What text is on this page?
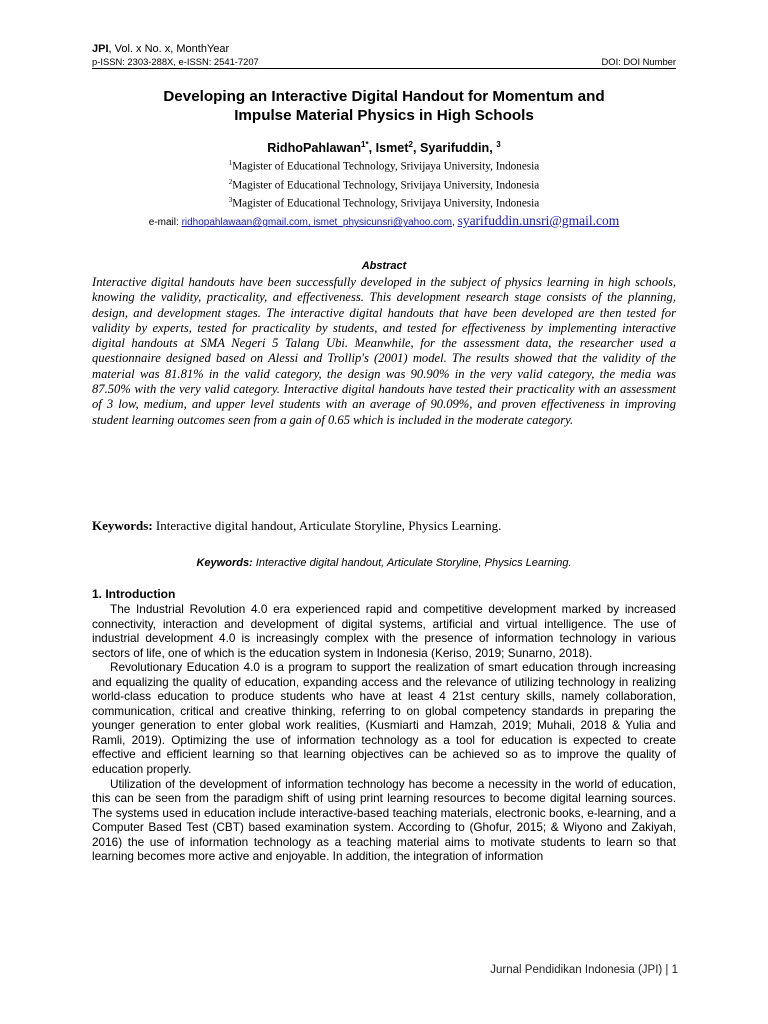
JPI, Vol. x No. x, MonthYear
p-ISSN: 2303-288X, e-ISSN: 2541-7207	DOI: DOI Number
Developing an Interactive Digital Handout for Momentum and
Impulse Material Physics in High Schools
RidhoPahlawan$^{1*}$, Ismet$^2$, Syarifuddin, $^3$
$^1$Magister of Educational Technology, Srivijaya University, Indonesia
$^2$Magister of Educational Technology, Srivijaya University, Indonesia
$^3$Magister of Educational Technology, Srivijaya University, Indonesia
e-mail: ridhopahlawaan@gmail.com, ismet_physicunsri@yahoo.com, syarifuddin.unsri@gmail.com
Abstract
Interactive digital handouts have been successfully developed in the subject of physics learning in high schools, knowing the validity, practicality, and effectiveness. This development research stage consists of the planning, design, and development stages. The interactive digital handouts that have been developed are then tested for validity by experts, tested for practicality by students, and tested for effectiveness by implementing interactive digital handouts at SMA Negeri 5 Talang Ubi. Meanwhile, for the assessment data, the researcher used a questionnaire designed based on Alessi and Trollip's (2001) model. The results showed that the validity of the material was 81.81% in the valid category, the design was 90.90% in the very valid category, the media was 87.50% with the very valid category. Interactive digital handouts have tested their practicality with an assessment of 3 low, medium, and upper level students with an average of 90.09%, and proven effectiveness in improving student learning outcomes seen from a gain of 0.65 which is included in the moderate category.
Keywords: Interactive digital handout, Articulate Storyline, Physics Learning.
Keywords: Interactive digital handout, Articulate Storyline, Physics Learning.
1. Introduction

The Industrial Revolution 4.0 era experienced rapid and competitive development marked by increased connectivity, interaction and development of digital systems, artificial and virtual intelligence. The use of industrial development 4.0 is increasingly complex with the presence of information technology in various sectors of life, one of which is the education system in Indonesia (Keriso, 2019; Sunarno, 2018).

Revolutionary Education 4.0 is a program to support the realization of smart education through increasing and equalizing the quality of education, expanding access and the relevance of utilizing technology in realizing world-class education to produce students who have at least 4 21st century skills, namely collaboration, communication, critical and creative thinking, referring to on global competency standards in preparing the younger generation to enter global work realities, (Kusmiarti and Hamzah, 2019; Muhali, 2018 & Yulia and Ramli, 2019). Optimizing the use of information technology as a tool for education is expected to create effective and efficient learning so that learning objectives can be achieved so as to improve the quality of education properly.

Utilization of the development of information technology has become a necessity in the world of education, this can be seen from the paradigm shift of using print learning resources to become digital learning sources. The systems used in education include interactive-based teaching materials, electronic books, e-learning, and a Computer Based Test (CBT) based examination system. According to (Ghofur, 2015; & Wiyono and Zakiyah, 2016) the use of information technology as a teaching material aims to motivate students to learn so that learning becomes more active and enjoyable. In addition, the integration of information

Jurnal Pendidikan Indonesia (JPI) | 1
